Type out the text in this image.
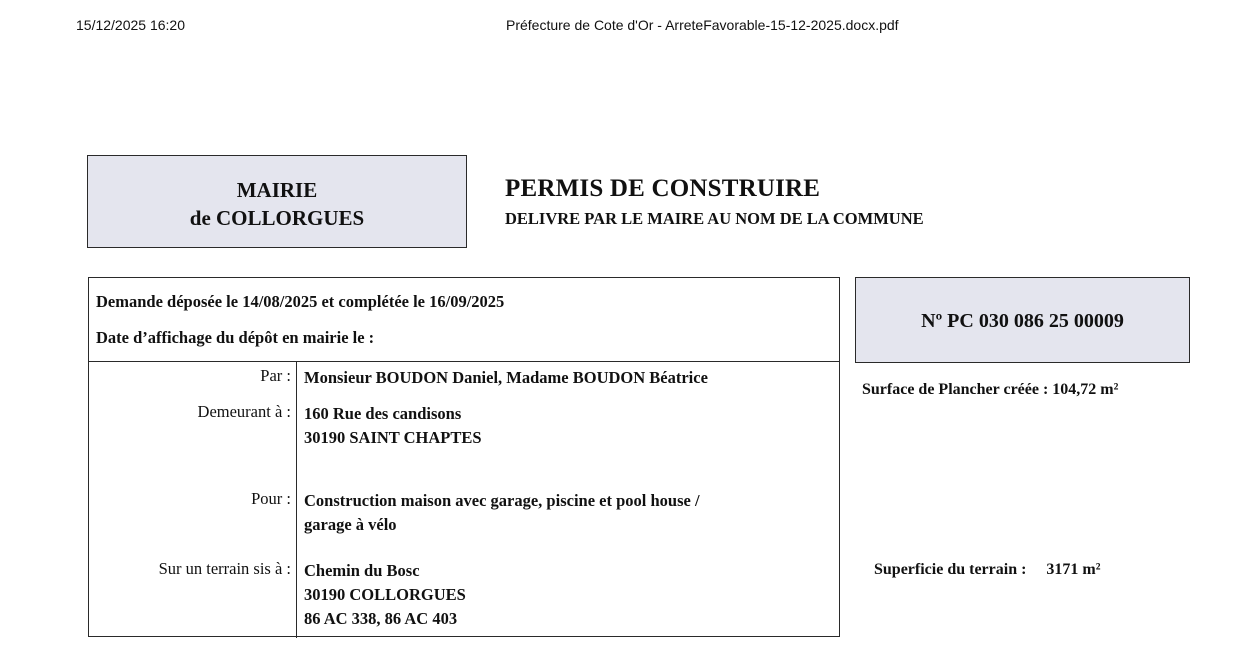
15/12/2025 16:20	Préfecture de Cote d'Or - ArreteFavorable-15-12-2025.docx.pdf
MAIRIE
de COLLORGUES
PERMIS DE CONSTRUIRE
DELIVRE PAR LE MAIRE AU NOM DE LA COMMUNE
Demande déposée le 14/08/2025 et complétée le 16/09/2025
Date d’affichage du dépôt en mairie le :
Par : Monsieur BOUDON Daniel, Madame BOUDON Béatrice
Demeurant à : 160 Rue des candisons
30190 SAINT CHAPTES
Pour : Construction maison avec garage, piscine et pool house /
garage à vélo
Sur un terrain sis à : Chemin du Bosc
30190 COLLORGUES
86 AC 338, 86 AC 403
Nº PC 030 086 25 00009
Surface de Plancher créée : 104,72 m²
Superficie du terrain : 3171 m²
